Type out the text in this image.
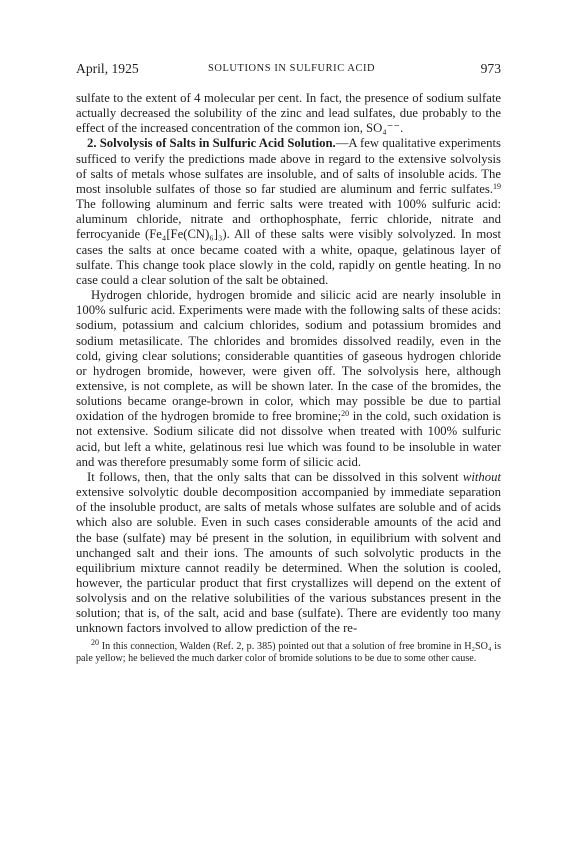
April, 1925	SOLUTIONS IN SULFURIC ACID	973

sulfate to the extent of 4 molecular per cent. In fact, the presence of sodium sulfate actually decreased the solubility of the zinc and lead sulfates, due probably to the effect of the increased concentration of the common ion, SO₄⁻⁻.

2. Solvolysis of Salts in Sulfuric Acid Solution.—A few qualitative experiments sufficed to verify the predictions made above in regard to the extensive solvolysis of salts of metals whose sulfates are insoluble, and of salts of insoluble acids. The most insoluble sulfates of those so far studied are aluminum and ferric sulfates.$^{19}$ The following aluminum and ferric salts were treated with 100% sulfuric acid: aluminum chloride, nitrate and orthophosphate, ferric chloride, nitrate and ferrocyanide (Fe₄[Fe(CN)₆]₃). All of these salts were visibly solvolyzed. In most cases the salts at once became coated with a white, opaque, gelatinous layer of sulfate. This change took place slowly in the cold, rapidly on gentle heating. In no case could a clear solution of the salt be obtained.

Hydrogen chloride, hydrogen bromide and silicic acid are nearly insoluble in 100% sulfuric acid. Experiments were made with the following salts of these acids: sodium, potassium and calcium chlorides, sodium and potassium bromides and sodium metasilicate. The chlorides and bromides dissolved readily, even in the cold, giving clear solutions; considerable quantities of gaseous hydrogen chloride or hydrogen bromide, however, were given off. The solvolysis here, although extensive, is not complete, as will be shown later. In the case of the bromides, the solutions became orange-brown in color, which may possible be due to partial oxidation of the hydrogen bromide to free bromine;$^{20}$ in the cold, such oxidation is not extensive. Sodium silicate did not dissolve when treated with 100% sulfuric acid, but left a white, gelatinous resi lue which was found to be insoluble in water and was therefore presumably some form of silicic acid.

It follows, then, that the only salts that can be dissolved in this solvent without extensive solvolytic double decomposition accompanied by immediate separation of the insoluble product, are salts of metals whose sulfates are soluble and of acids which also are soluble. Even in such cases considerable amounts of the acid and the base (sulfate) may bé present in the solution, in equilibrium with solvent and unchanged salt and their ions. The amounts of such solvolytic products in the equilibrium mixture cannot readily be determined. When the solution is cooled, however, the particular product that first crystallizes will depend on the extent of solvolysis and on the relative solubilities of the various substances present in the solution; that is, of the salt, acid and base (sulfate). There are evidently too many unknown factors involved to allow prediction of the re-

$^{20}$ In this connection, Walden (Ref. 2, p. 385) pointed out that a solution of free bromine in H₂SO₄ is pale yellow; he believed the much darker color of bromide solutions to be due to some other cause.
